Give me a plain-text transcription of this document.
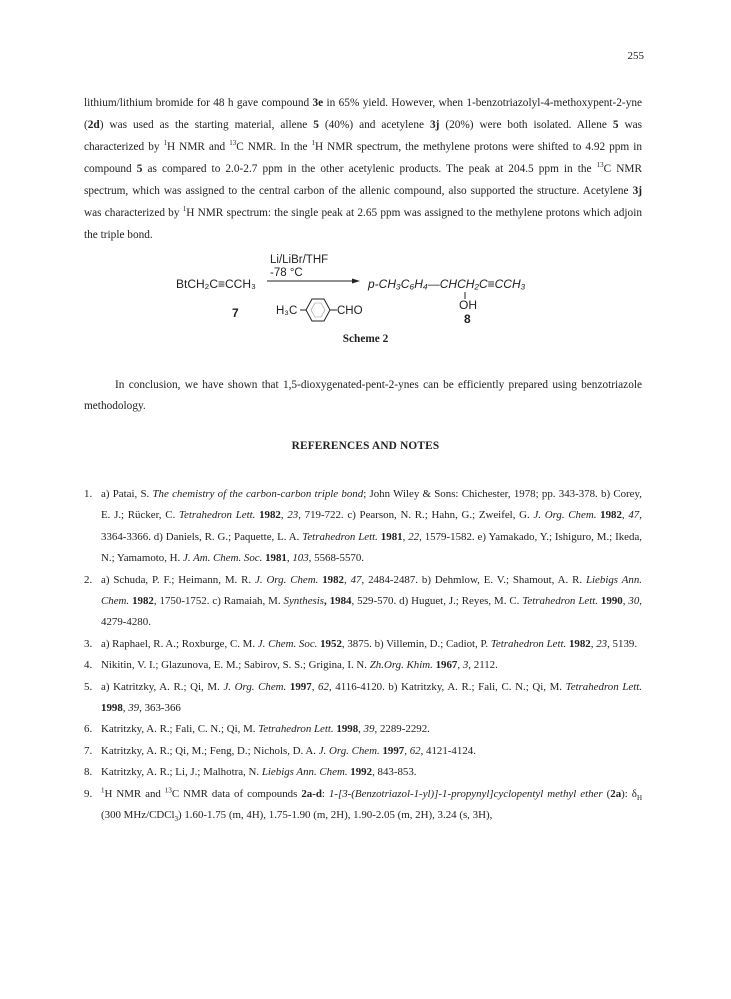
255

lithium/lithium bromide for 48 h gave compound 3e in 65% yield. However, when 1-benzotriazolyl-4-methoxypent-2-yne (2d) was used as the starting material, allene 5 (40%) and acetylene 3j (20%) were both isolated. Allene 5 was characterized by $^1$H NMR and $^{13}$C NMR. In the $^1$H NMR spectrum, the methylene protons were shifted to 4.92 ppm in compound 5 as compared to 2.0-2.7 ppm in the other acetylenic products. The peak at 204.5 ppm in the $^{13}$C NMR spectrum, which was assigned to the central carbon of the allenic compound, also supported the structure. Acetylene 3j was characterized by $^1$H NMR spectrum: the single peak at 2.65 ppm was assigned to the methylene protons which adjoin the triple bond.

Li/LiBr/THF
-78 °C
BtCH₂C≡CCH₃
7	H₃C	CHO
p-CH₃C₆H₄—CHCH₂C≡CCH₃
OH
8
Scheme 2
In conclusion, we have shown that 1,5-dioxygenated-pent-2-ynes can be efficiently prepared using benzotriazole methodology.
REFERENCES AND NOTES
1. a) Patai, S. The chemistry of the carbon-carbon triple bond; John Wiley & Sons: Chichester, 1978; pp. 343-378. b) Corey, E. J.; Rücker, C. Tetrahedron Lett. 1982, 23, 719-722. c) Pearson, N. R.; Hahn, G.; Zweifel, G. J. Org. Chem. 1982, 47, 3364-3366. d) Daniels, R. G.; Paquette, L. A. Tetrahedron Lett. 1981, 22, 1579-1582. e) Yamakado, Y.; Ishiguro, M.; Ikeda, N.; Yamamoto, H. J. Am. Chem. Soc. 1981, 103, 5568-5570.
2. a) Schuda, P. F.; Heimann, M. R. J. Org. Chem. 1982, 47, 2484-2487. b) Dehmlow, E. V.; Shamout, A. R. Liebigs Ann. Chem. 1982, 1750-1752. c) Ramaiah, M. Synthesis, 1984, 529-570. d) Huguet, J.; Reyes, M. C. Tetrahedron Lett. 1990, 30, 4279-4280.
3. a) Raphael, R. A.; Roxburge, C. M. J. Chem. Soc. 1952, 3875. b) Villemin, D.; Cadiot, P. Tetrahedron Lett. 1982, 23, 5139.
4. Nikitin, V. I.; Glazunova, E. M.; Sabirov, S. S.; Grigina, I. N. Zh.Org. Khim. 1967, 3, 2112.
5. a) Katritzky, A. R.; Qi, M. J. Org. Chem. 1997, 62, 4116-4120. b) Katritzky, A. R.; Fali, C. N.; Qi, M. Tetrahedron Lett. 1998, 39, 363-366
6. Katritzky, A. R.; Fali, C. N.; Qi, M. Tetrahedron Lett. 1998, 39, 2289-2292.
7. Katritzky, A. R.; Qi, M.; Feng, D.; Nichols, D. A. J. Org. Chem. 1997, 62, 4121-4124.
8. Katritzky, A. R.; Li, J.; Malhotra, N. Liebigs Ann. Chem. 1992, 843-853.
9. $^1$H NMR and $^{13}$C NMR data of compounds 2a-d: 1-[3-(Benzotriazol-1-yl)]-1-propynyl]cyclopentyl methyl ether (2a): $\delta_H$ (300 MHz/CDCl$_3$) 1.60-1.75 (m, 4H), 1.75-1.90 (m, 2H), 1.90-2.05 (m, 2H), 3.24 (s, 3H),
